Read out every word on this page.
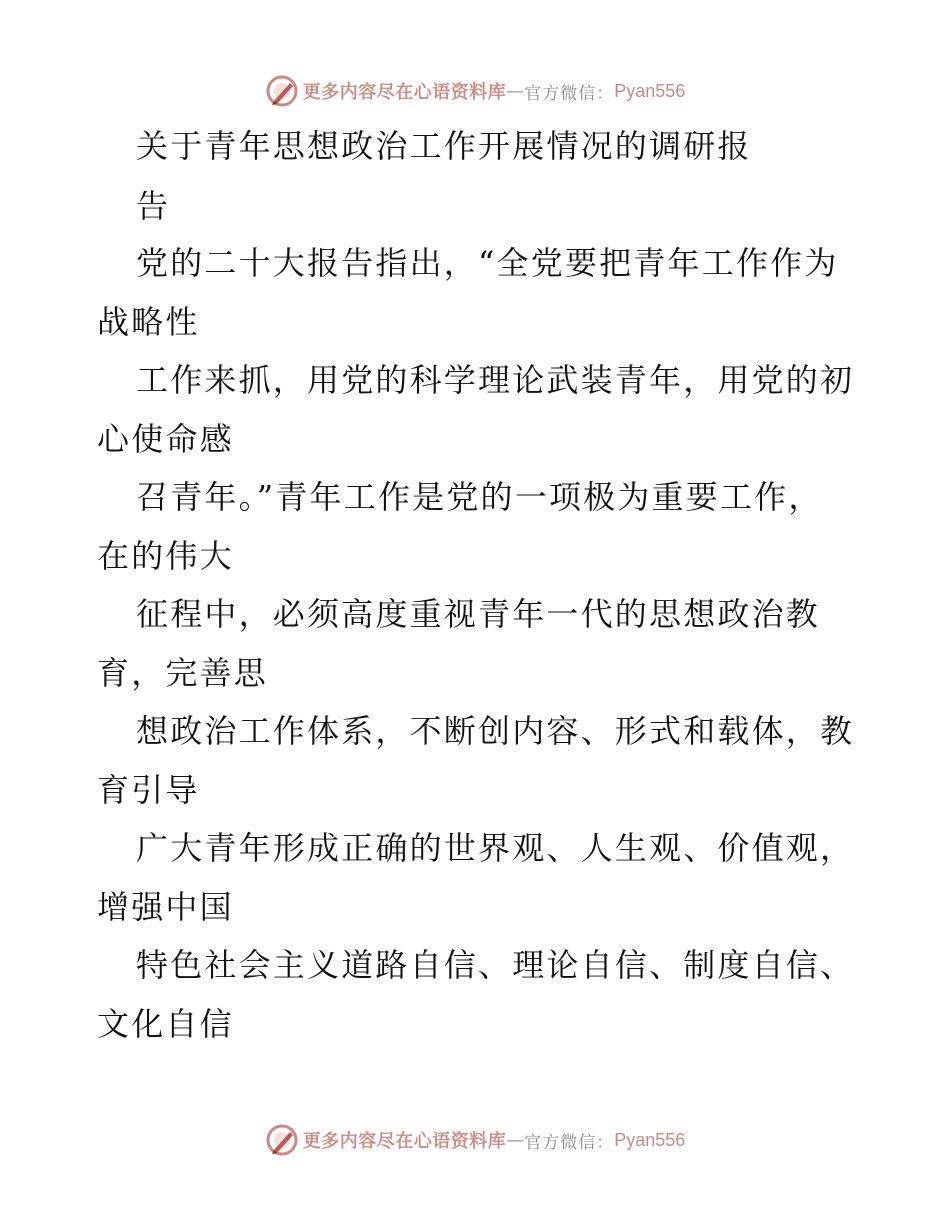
更多内容尽在心语资料库 — 官方微信： Pyan556
关于青年思想政治工作开展情况的调研报
告
党的二十大报告指出，“全党要把青年工作作为
战略性
工作来抓，用党的科学理论武装青年，用党的初
心使命感
召青年。”青年工作是党的一项极为重要工作，
在的伟大
征程中，必须高度重视青年一代的思想政治教
育，完善思
想政治工作体系，不断创内容、形式和载体，教
育引导
广大青年形成正确的世界观、人生观、价值观，
增强中国
特色社会主义道路自信、理论自信、制度自信、
文化自信
更多内容尽在心语资料库 — 官方微信： Pyan556
